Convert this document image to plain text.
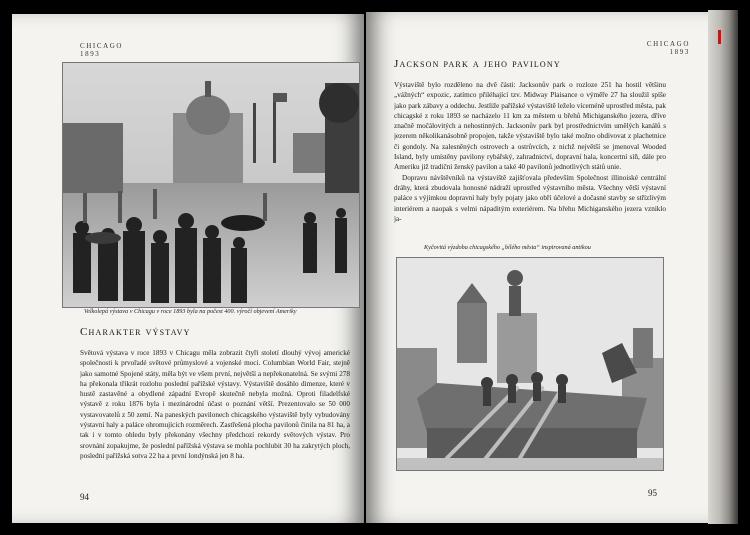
CHICAGO
1893
Velkolepá výstava v Chicagu v roce 1893 byla na počest 400. výročí objevení Ameriky
Charakter výstavy

Světová výstava v roce 1893 v Chicagu měla zobrazit čtyři století dlouhý vývoj americké společnosti k prvořadé světové průmyslové a vojenské moci. Columbian World Fair, stejně jako samotné Spojené státy, měla být ve všem první, největší a nepřekonatelná. Se svými 278 ha překonala třikrát rozlohu poslední pařížské výstavy. Výstaviště dosáhlo dimenze, které v hustě zastavěné a obydlené západní Evropě skutečně nebyla možná. Oproti filadelfské výstavě z roku 1876 byla i mezinárodní účast o poznání větší. Prezentovalo se 50 000 vystavovatelů z 50 zemí. Na paneských pavilonech chicagského výstaviště byly vybudovány výstavní haly a paláce ohromujících rozměrech. Zastřešená plocha pavilonů činila na 81 ha, a tak i v tomto ohledu byly překonány všechny předchozí rekordy světových výstav. Pro srovnání zopakujme, že poslední pařížská výstava se mohla pochlubit 30 ha zakrytých ploch, poslední pařížská sotva 22 ha a první londýnská jen 8 ha.

94
CHICAGO
1893
Jackson park a jeho pavilony

Výstaviště bylo rozděleno na dvě části: Jacksonův park o rozloze 251 ha hostil většinu „vážných“ expozic, zatímco přiléhající tzv. Midway Plaisance o výměře 27 ha sloužil spíše jako park zábavy a oddechu. Jestliže pařížské výstaviště leželo víceméně uprostřed města, pak chicagské z roku 1893 se nacházelo 11 km za městem u břehů Michiganského jezera, dříve značně močálovitých a nehostinných. Jacksonův park byl prostřednictvím umělých kanálů s jezerem několikanásobně propojen, takže výstaviště bylo také možno obdivovat z plachetnice či gondoly. Na zalesněných ostrovech a ostrůvcích, z nichž největší se jmenoval Wooded Island, byly umístěny pavilony rybářský, zahradnictví, dopravní hala, koncertní síň, dále pro Ameriku již tradiční ženský pavilon a také 40 pavilonů jednotlivých států unie.

Dopravu návštěvníků na výstaviště zajišťovala především Společnost illinoiské centrální dráhy, která zbudovala honosné nádraží uprostřed výstavního města. Všechny větší výstavní paláce s výjimkou dopravní haly byly pojaty jako obří účelové a dočasné stavby se střízlivým interiérem a naopak s velmi nápaditým exteriérem. Na břehu Michiganského jezera vzniklo ja-

Kyčovitá výzdoba chicagského „bílého města“ inspirovaná antikou
95
